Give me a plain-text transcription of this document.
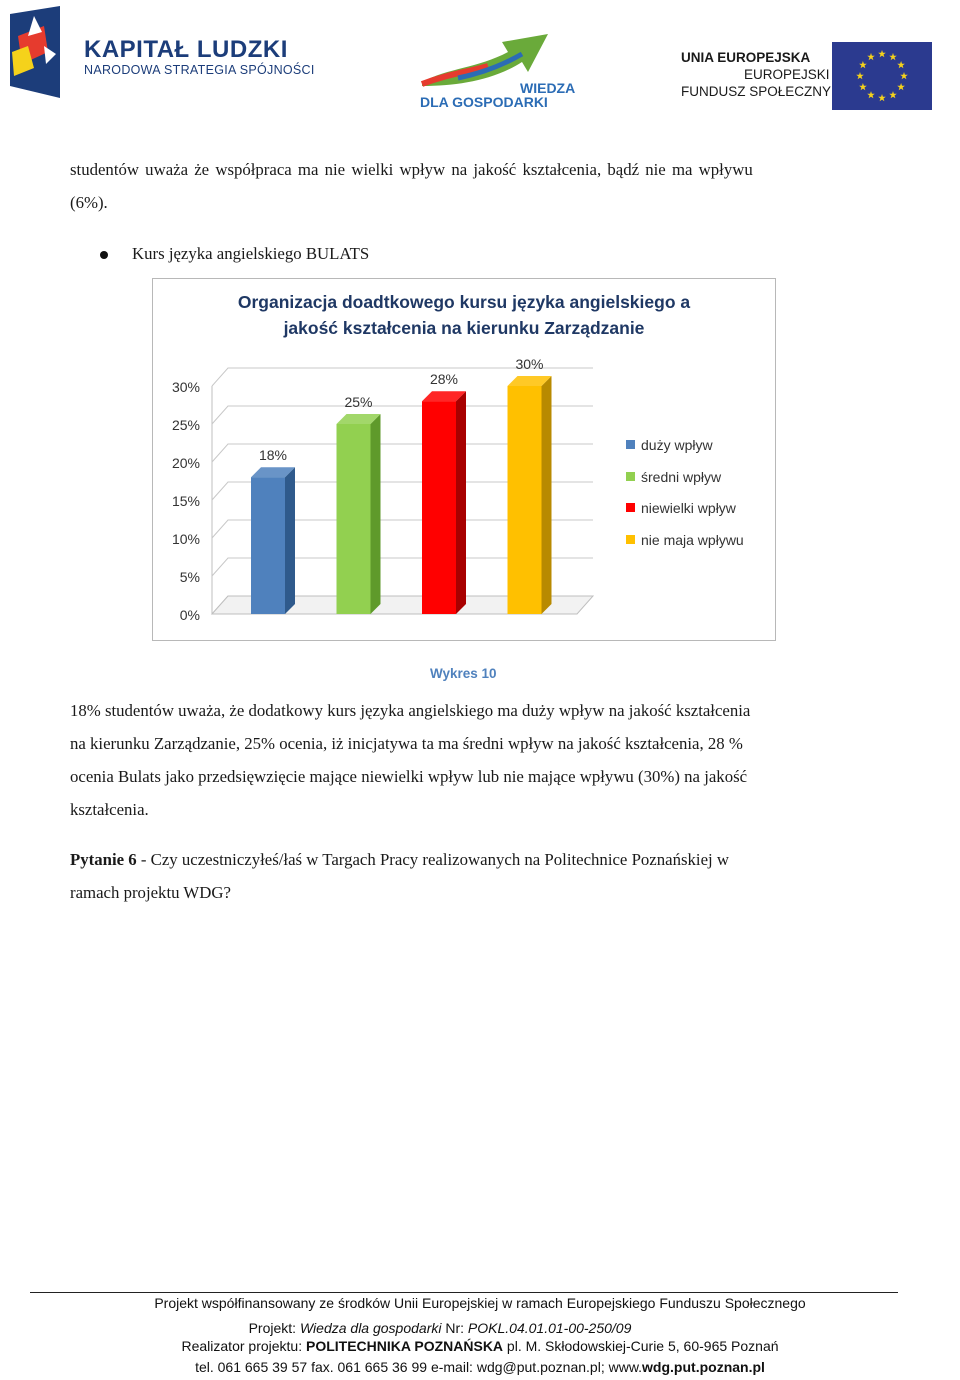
KAPITAŁ LUDZKI
NARODOWA STRATEGIA SPÓJNOŚCI
WIEDZA
DLA GOSPODARKI
UNIA EUROPEJSKA
EUROPEJSKI
FUNDUSZ SPOŁECZNY
studentów uważa że współpraca ma nie wielki wpływ na jakość kształcenia, bądź nie ma wpływu
(6%).
Kurs języka angielskiego BULATS
Organizacja doadtkowego kursu języka angielskiego a
jakość kształcenia na kierunku Zarządzanie
0%
5%
10%
15%
20%
25%
30%
18%
25%
28%
30%
duży wpływ
średni wpływ
niewielki wpływ
nie maja wpływu
Wykres 10
18% studentów uważa, że dodatkowy kurs języka angielskiego ma duży wpływ na jakość kształcenia
na kierunku Zarządzanie, 25% ocenia, iż inicjatywa ta ma średni wpływ na jakość kształcenia, 28 %
ocenia Bulats jako przedsięwzięcie mające niewielki wpływ lub nie mające wpływu (30%) na jakość
kształcenia.
Pytanie 6 - Czy uczestniczyłeś/łaś w Targach Pracy realizowanych na Politechnice Poznańskiej w
ramach projektu WDG?
Projekt współfinansowany ze środków Unii Europejskiej w ramach Europejskiego Funduszu Społecznego
Projekt: Wiedza dla gospodarki Nr: POKL.04.01.01-00-250/09
Realizator projektu: POLITECHNIKA POZNAŃSKA pl. M. Skłodowskiej-Curie 5, 60-965 Poznań
tel. 061 665 39 57 fax. 061 665 36 99 e-mail: wdg@put.poznan.pl; www.wdg.put.poznan.pl
